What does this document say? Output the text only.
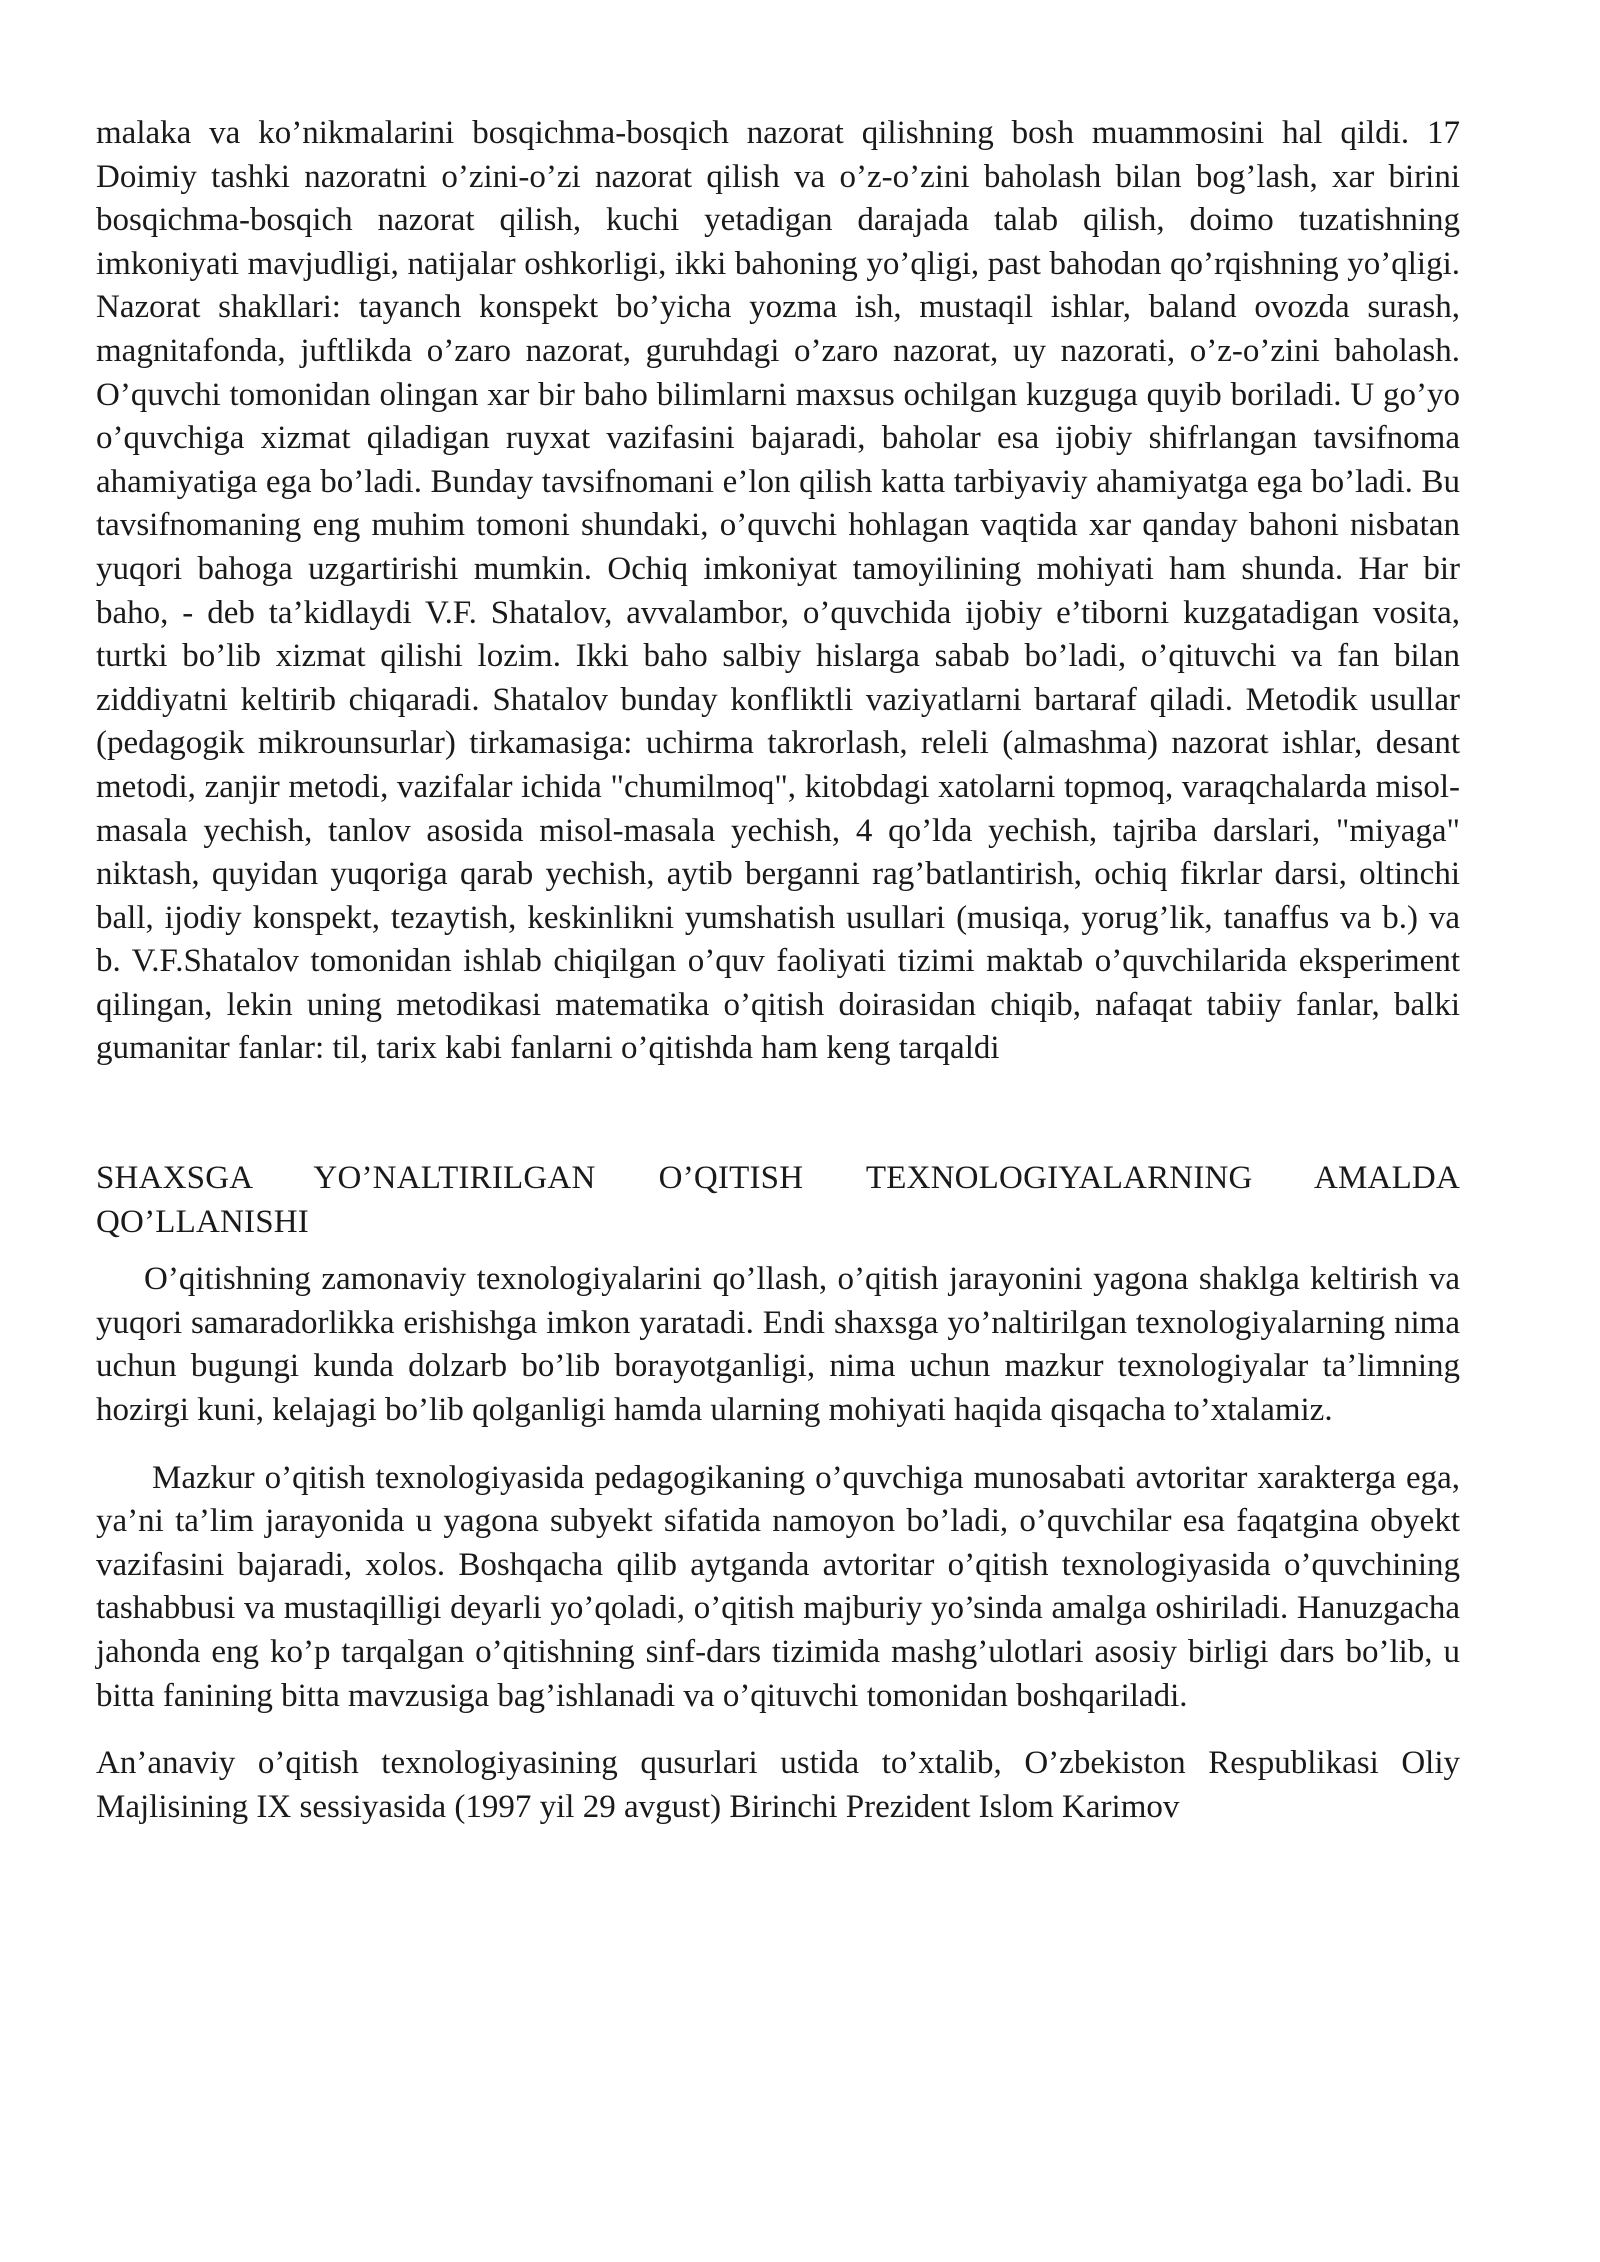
malaka va ko’nikmalarini bosqichma-bosqich nazorat qilishning bosh muammosini hal qildi. 17 Doimiy tashki nazoratni o’zini-o’zi nazorat qilish va o’z-o’zini baholash bilan bog’lash, xar birini bosqichma-bosqich nazorat qilish, kuchi yetadigan darajada talab qilish, doimo tuzatishning imkoniyati mavjudligi, natijalar oshkorligi, ikki bahoning yo’qligi, past bahodan qo’rqishning yo’qligi. Nazorat shakllari: tayanch konspekt bo’yicha yozma ish, mustaqil ishlar, baland ovozda surash, magnitafonda, juftlikda o’zaro nazorat, guruhdagi o’zaro nazorat, uy nazorati, o’z-o’zini baholash. O’quvchi tomonidan olingan xar bir baho bilimlarni maxsus ochilgan kuzguga quyib boriladi. U go’yo o’quvchiga xizmat qiladigan ruyxat vazifasini bajaradi, baholar esa ijobiy shifrlangan tavsifnoma ahamiyatiga ega bo’ladi. Bunday tavsifnomani e’lon qilish katta tarbiyaviy ahamiyatga ega bo’ladi. Bu tavsifnomaning eng muhim tomoni shundaki, o’quvchi hohlagan vaqtida xar qanday bahoni nisbatan yuqori bahoga uzgartirishi mumkin. Ochiq imkoniyat tamoyilining mohiyati ham shunda. Har bir baho, - deb ta’kidlaydi V.F. Shatalov, avvalambor, o’quvchida ijobiy e’tiborni kuzgatadigan vosita, turtki bo’lib xizmat qilishi lozim. Ikki baho salbiy hislarga sabab bo’ladi, o’qituvchi va fan bilan ziddiyatni keltirib chiqaradi. Shatalov bunday konfliktli vaziyatlarni bartaraf qiladi. Metodik usullar (pedagogik mikrounsurlar) tirkamasiga: uchirma takrorlash, releli (almashma) nazorat ishlar, desant metodi, zanjir metodi, vazifalar ichida "chumilmoq", kitobdagi xatolarni topmoq, varaqchalarda misol-masala yechish, tanlov asosida misol-masala yechish, 4 qo’lda yechish, tajriba darslari, "miyaga" niktash, quyidan yuqoriga qarab yechish, aytib berganni rag’batlantirish, ochiq fikrlar darsi, oltinchi ball, ijodiy konspekt, tezaytish, keskinlikni yumshatish usullari (musiqa, yorug’lik, tanaffus va b.) va b. V.F.Shatalov tomonidan ishlab chiqilgan o’quv faoliyati tizimi maktab o’quvchilarida eksperiment qilingan, lekin uning metodikasi matematika o’qitish doirasidan chiqib, nafaqat tabiiy fanlar, balki gumanitar fanlar: til, tarix kabi fanlarni o’qitishda ham keng tarqaldi

SHAXSGA YO’NALTIRILGAN O’QITISH TEXNOLOGIYALARNING AMALDA QO’LLANISHI

O’qitishning zamonaviy texnologiyalarini qo’llash, o’qitish jarayonini yagona shaklga keltirish va yuqori samaradorlikka erishishga imkon yaratadi. Endi shaxsga yo’naltirilgan texnologiyalarning nima uchun bugungi kunda dolzarb bo’lib borayotganligi, nima uchun mazkur texnologiyalar ta’limning hozirgi kuni, kelajagi bo’lib qolganligi hamda ularning mohiyati haqida qisqacha to’xtalamiz.

Mazkur o’qitish texnologiyasida pedagogikaning o’quvchiga munosabati avtoritar xarakterga ega, ya’ni ta’lim jarayonida u yagona subyekt sifatida namoyon bo’ladi, o’quvchilar esa faqatgina obyekt vazifasini bajaradi, xolos. Boshqacha qilib aytganda avtoritar o’qitish texnologiyasida o’quvchining tashabbusi va mustaqilligi deyarli yo’qoladi, o’qitish majburiy yo’sinda amalga oshiriladi. Hanuzgacha jahonda eng ko’p tarqalgan o’qitishning sinf-dars tizimida mashg’ulotlari asosiy birligi dars bo’lib, u bitta fanining bitta mavzusiga bag’ishlanadi va o’qituvchi tomonidan boshqariladi.

An’anaviy o’qitish texnologiyasining qusurlari ustida to’xtalib, O’zbekiston Respublikasi Oliy Majlisining IX sessiyasida (1997 yil 29 avgust) Birinchi Prezident Islom Karimov
